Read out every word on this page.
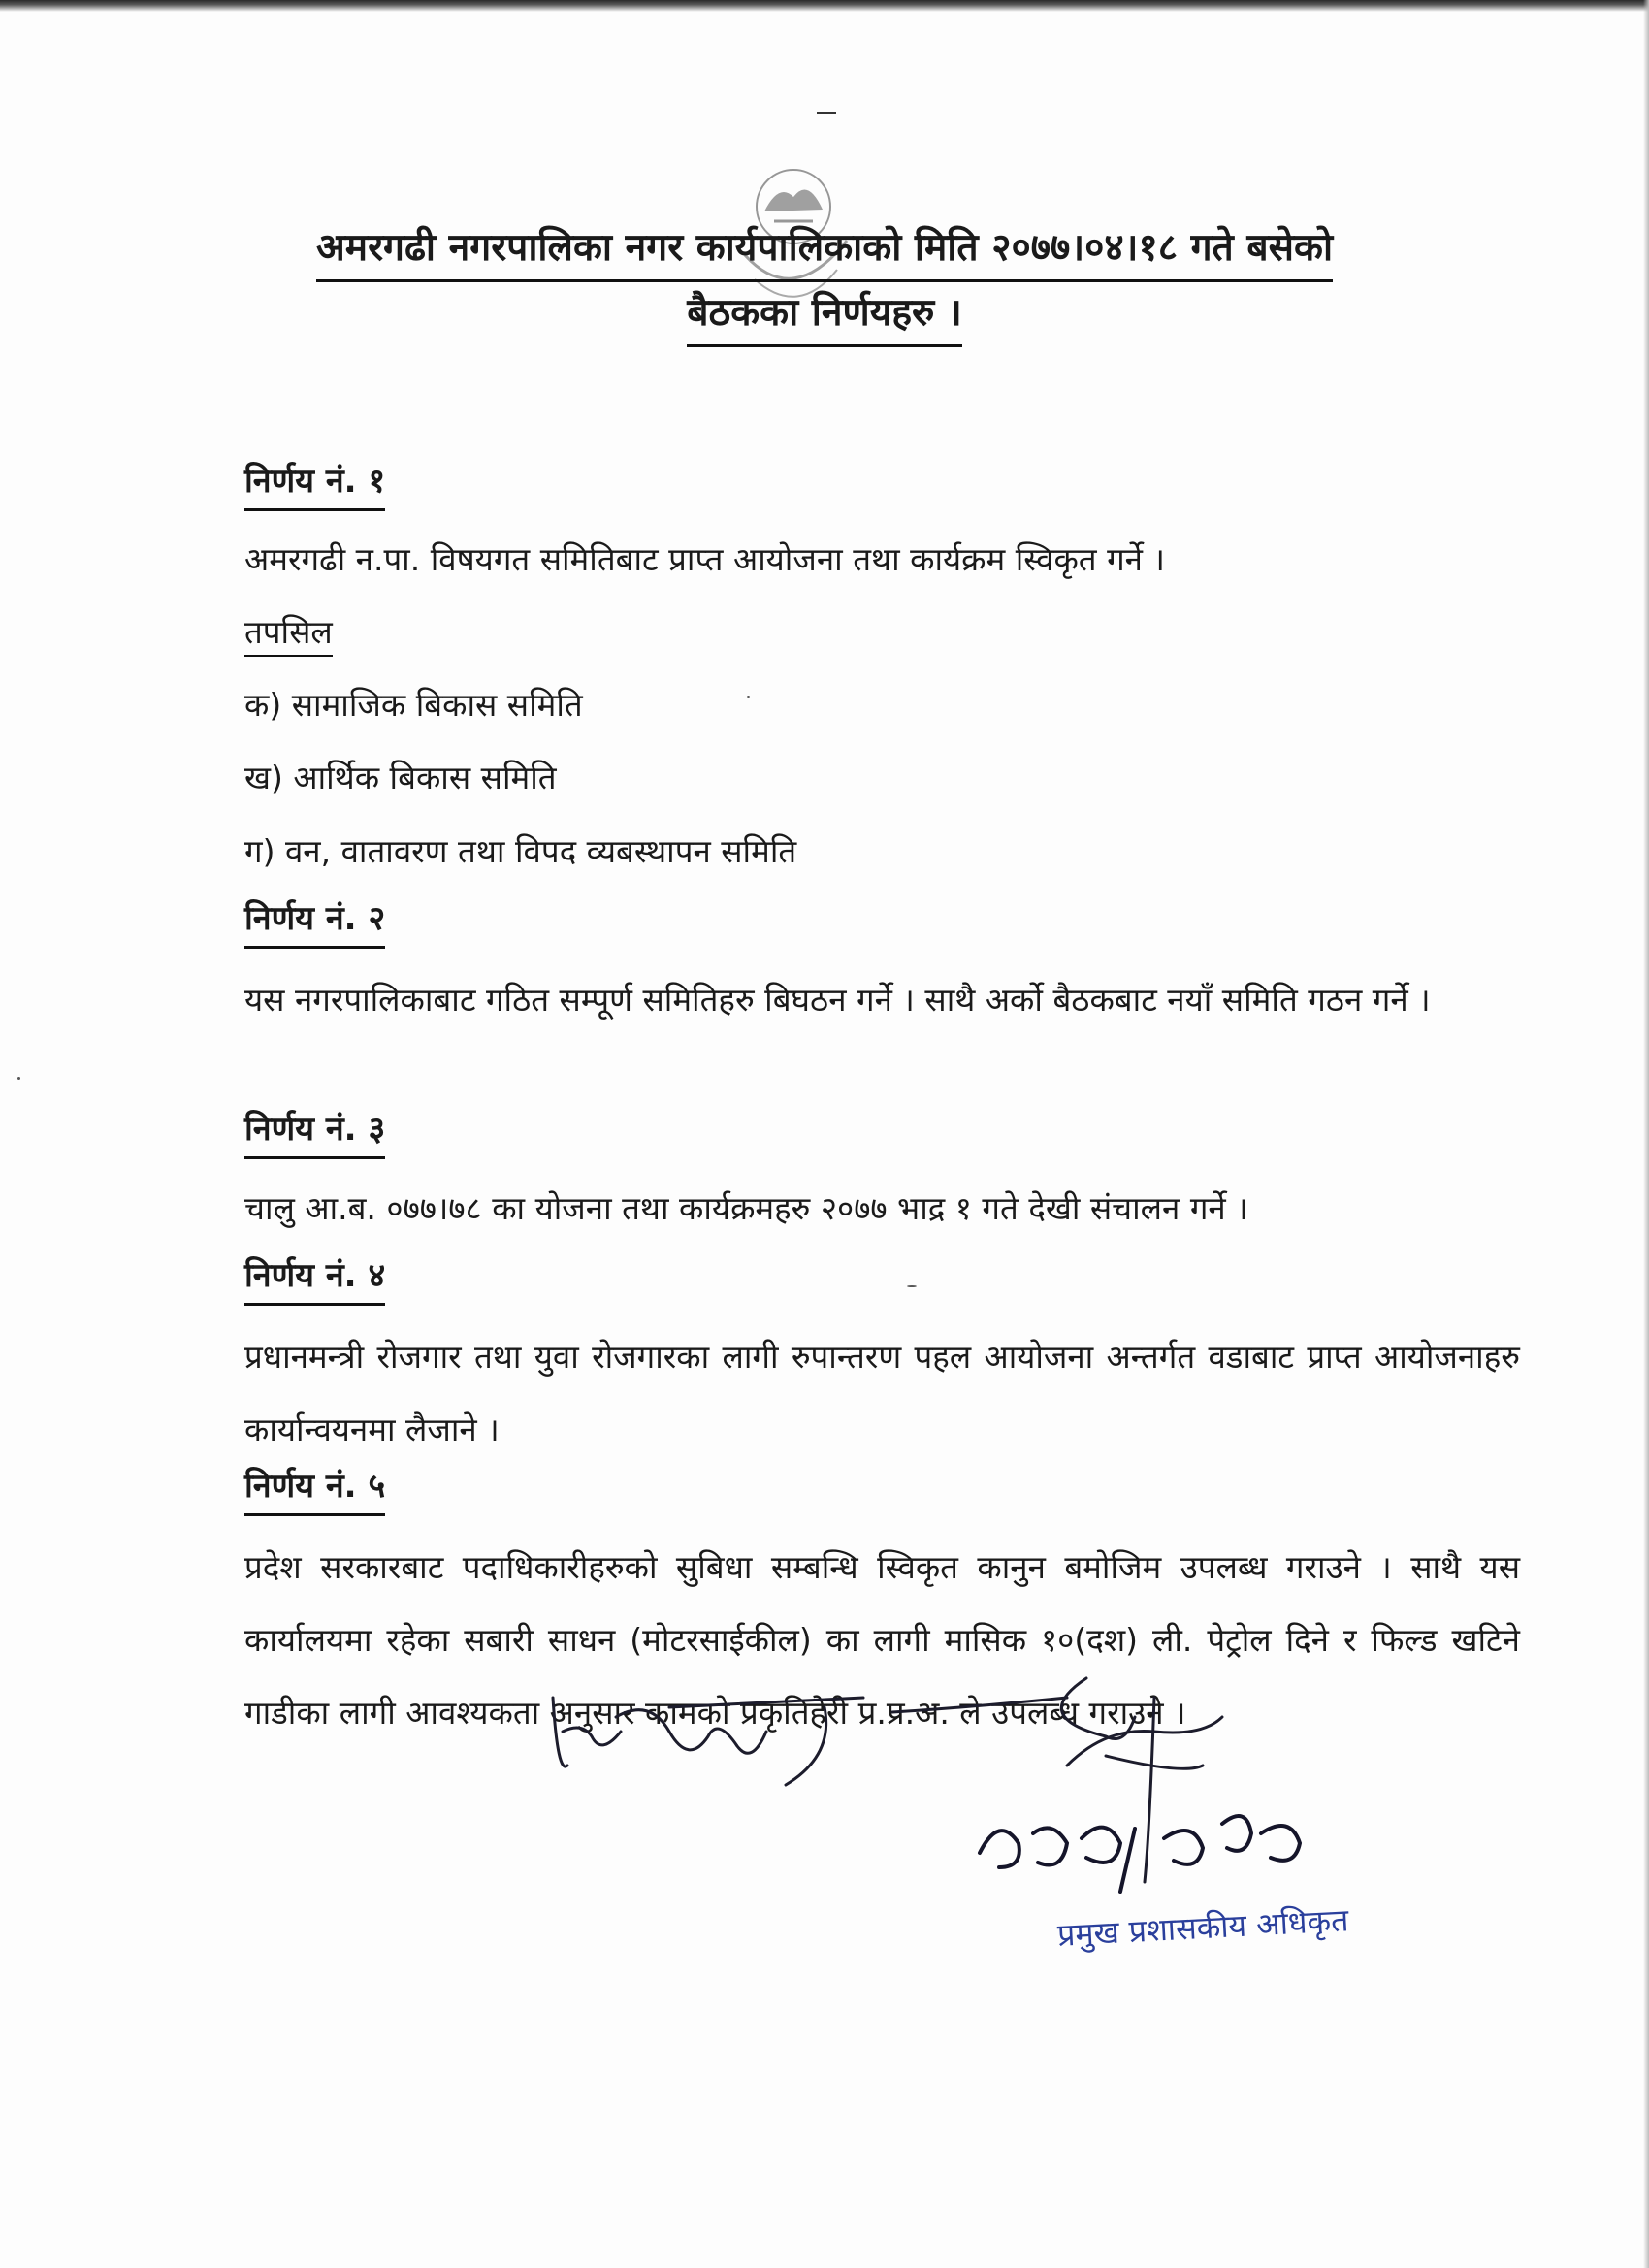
अमरगढी नगरपालिका नगर कार्यपालिकाको मिति २०७७।०४।१८ गते बसेको
बैठकका निर्णयहरु ।
निर्णय नं. १
अमरगढी न.पा. विषयगत समितिबाट प्राप्त आयोजना तथा कार्यक्रम स्विकृत गर्ने ।
तपसिल
क) सामाजिक बिकास समिति
ख) आर्थिक बिकास समिति
ग) वन, वातावरण तथा विपद व्यबस्थापन समिति
निर्णय नं. २
यस नगरपालिकाबाट गठित सम्पूर्ण समितिहरु बिघठन गर्ने । साथै अर्को बैठकबाट नयाँ समिति गठन गर्ने ।
निर्णय नं. ३
चालु आ.ब. ०७७।७८ का योजना तथा कार्यक्रमहरु २०७७ भाद्र १ गते देखी संचालन गर्ने ।
निर्णय नं. ४
प्रधानमन्त्री रोजगार तथा युवा रोजगारका लागी रुपान्तरण पहल आयोजना अन्तर्गत वडाबाट प्राप्त आयोजनाहरु कार्यान्वयनमा लैजाने ।
निर्णय नं. ५
प्रदेश सरकारबाट पदाधिकारीहरुको सुबिधा सम्बन्धि स्विकृत कानुन बमोजिम उपलब्ध गराउने । साथै यस कार्यालयमा रहेका सबारी साधन (मोटरसाईकील) का लागी मासिक १०(दश) ली. पेट्रोल दिने र फिल्ड खटिने गाडीका लागी आवश्यकता अनुसार कामको प्रकृतिहेरी प्र.प्र.अ. ले उपलब्ध गराउने ।
प्रमुख प्रशासकीय अधिकृत
